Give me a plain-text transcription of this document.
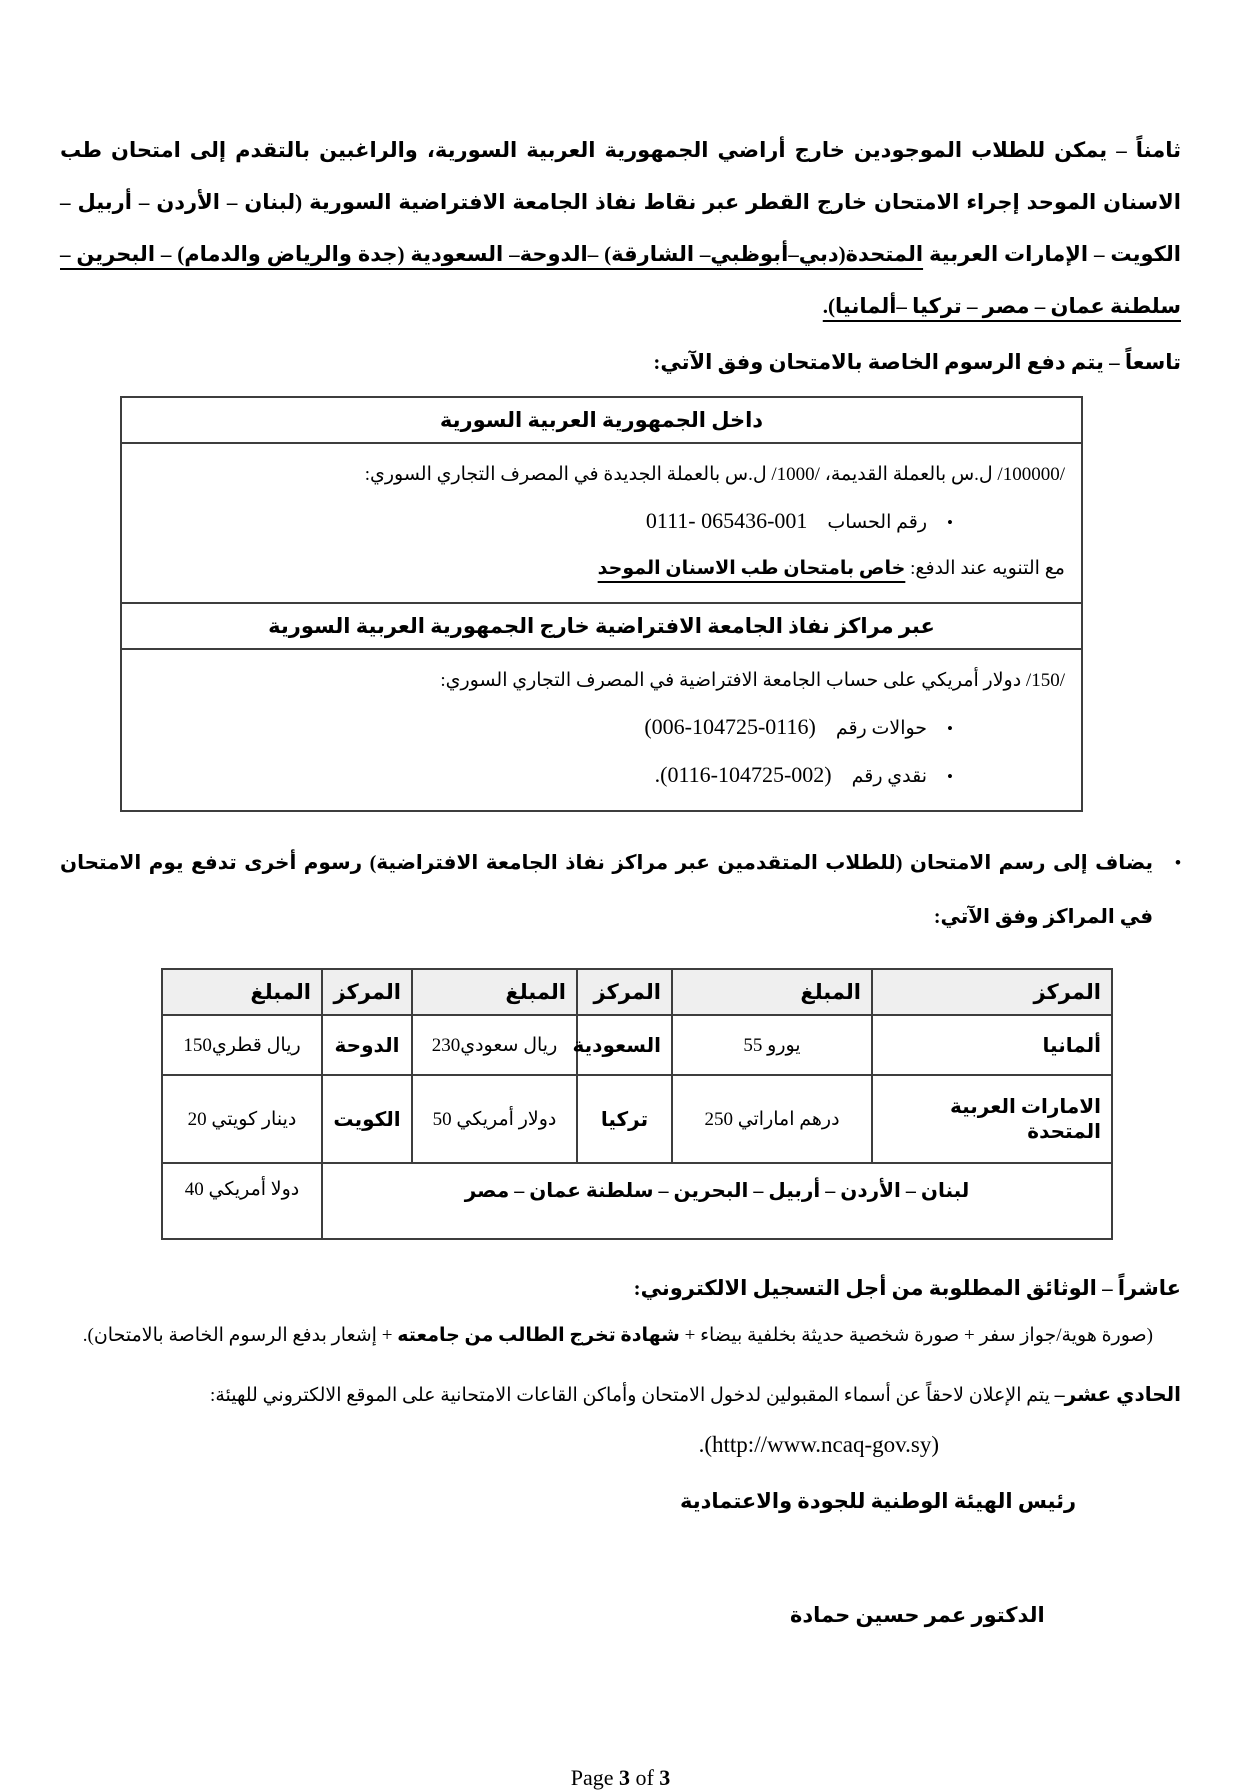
ثامناً – يمكن للطلاب الموجودين خارج أراضي الجمهورية العربية السورية، والراغبين بالتقدم إلى امتحان طب الاسنان الموحد إجراء الامتحان خارج القطر عبر نقاط نفاذ الجامعة الافتراضية السورية (لبنان – الأردن – أربيل – الكويت – الإمارات العربية المتحدة(دبي–أبوظبي– الشارقة) –الدوحة– السعودية (جدة والرياض والدمام) – البحرين – سلطنة عمان – مصر – تركيا –ألمانيا).
تاسعاً – يتم دفع الرسوم الخاصة بالامتحان وفق الآتي:
داخل الجمهورية العربية السورية

/100000/ ل.س بالعملة القديمة، /1000/ ل.س بالعملة الجديدة في المصرف التجاري السوري:
•
رقم الحساب
0111- 065436-001
مع التنويه عند الدفع: خاص بامتحان طب الاسنان الموحد

عبر مراكز نفاذ الجامعة الافتراضية خارج الجمهورية العربية السورية

/150/ دولار أمريكي على حساب الجامعة الافتراضية في المصرف التجاري السوري:
•
حوالات رقم
(006-104725-0116)
•
نقدي رقم
.(0116-104725-002)
•
يضاف إلى رسم الامتحان (للطلاب المتقدمين عبر مراكز نفاذ الجامعة الافتراضية) رسوم أخرى تدفع يوم الامتحان في المراكز وفق الآتي:
المركز	المبلغ	المركز	المبلغ	المركز	المبلغ
ألمانيا	55 يورو	السعودية	230ريال سعودي	الدوحة	150ريال قطري
الامارات العربية المتحدة	250 درهم اماراتي	تركيا	50 دولار أمريكي	الكويت	20 دينار كويتي
لبنان – الأردن – أربيل – البحرين – سلطنة عمان – مصر					40 دولا أمريكي
عاشراً – الوثائق المطلوبة من أجل التسجيل الالكتروني:
(صورة هوية/جواز سفر + صورة شخصية حديثة بخلفية بيضاء + شهادة تخرج الطالب من جامعته + إشعار بدفع الرسوم الخاصة بالامتحان).
الحادي عشر– يتم الإعلان لاحقاً عن أسماء المقبولين لدخول الامتحان وأماكن القاعات الامتحانية على الموقع الالكتروني للهيئة:
.(http://www.ncaq-gov.sy)
رئيس الهيئة الوطنية للجودة والاعتمادية
الدكتور عمر حسين حمادة
Page 3 of 3
